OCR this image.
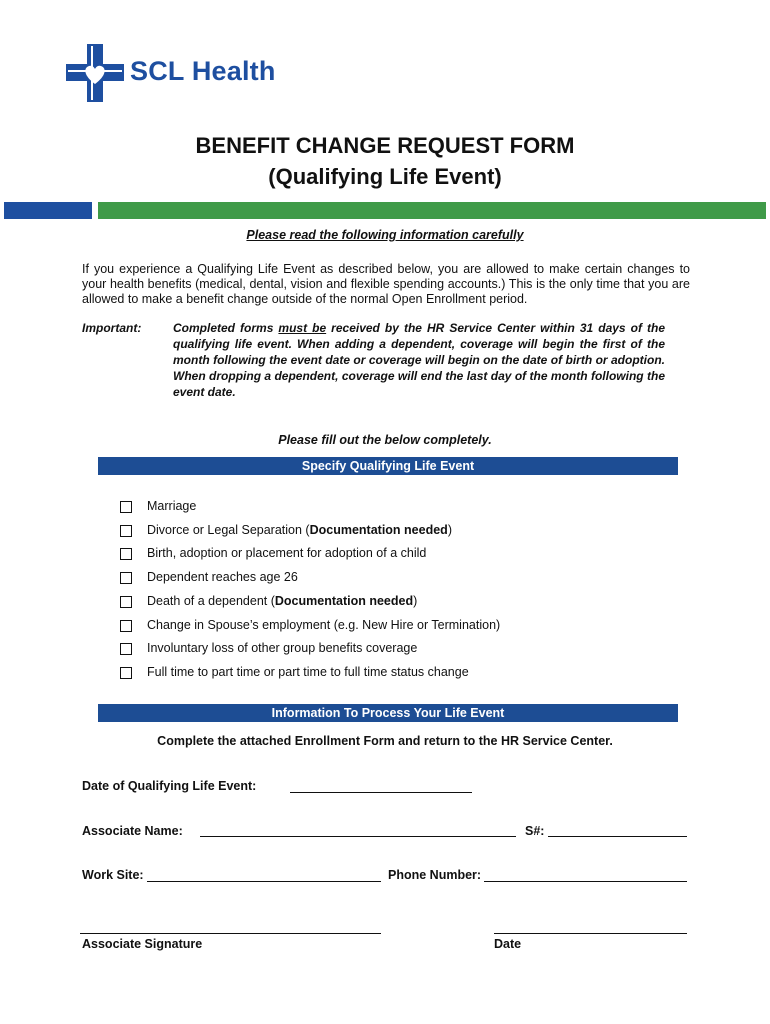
SCL Health
BENEFIT CHANGE REQUEST FORM
(Qualifying Life Event)
Please read the following information carefully
If you experience a Qualifying Life Event as described below, you are allowed to make certain changes to your health benefits (medical, dental, vision and flexible spending accounts.) This is the only time that you are allowed to make a benefit change outside of the normal Open Enrollment period.
Important:	Completed forms must be received by the HR Service Center within 31 days of the qualifying life event. When adding a dependent, coverage will begin the first of the month following the event date or coverage will begin on the date of birth or adoption. When dropping a dependent, coverage will end the last day of the month following the event date.
Please fill out the below completely.
Specify Qualifying Life Event
Marriage
Divorce or Legal Separation (Documentation needed)
Birth, adoption or placement for adoption of a child
Dependent reaches age 26
Death of a dependent (Documentation needed)
Change in Spouse’s employment (e.g. New Hire or Termination)
Involuntary loss of other group benefits coverage
Full time to part time or part time to full time status change
Information To Process Your Life Event
Complete the attached Enrollment Form and return to the HR Service Center.
Date of Qualifying Life Event:
Associate Name:	S#:
Work Site:	Phone Number:
Associate Signature	Date
